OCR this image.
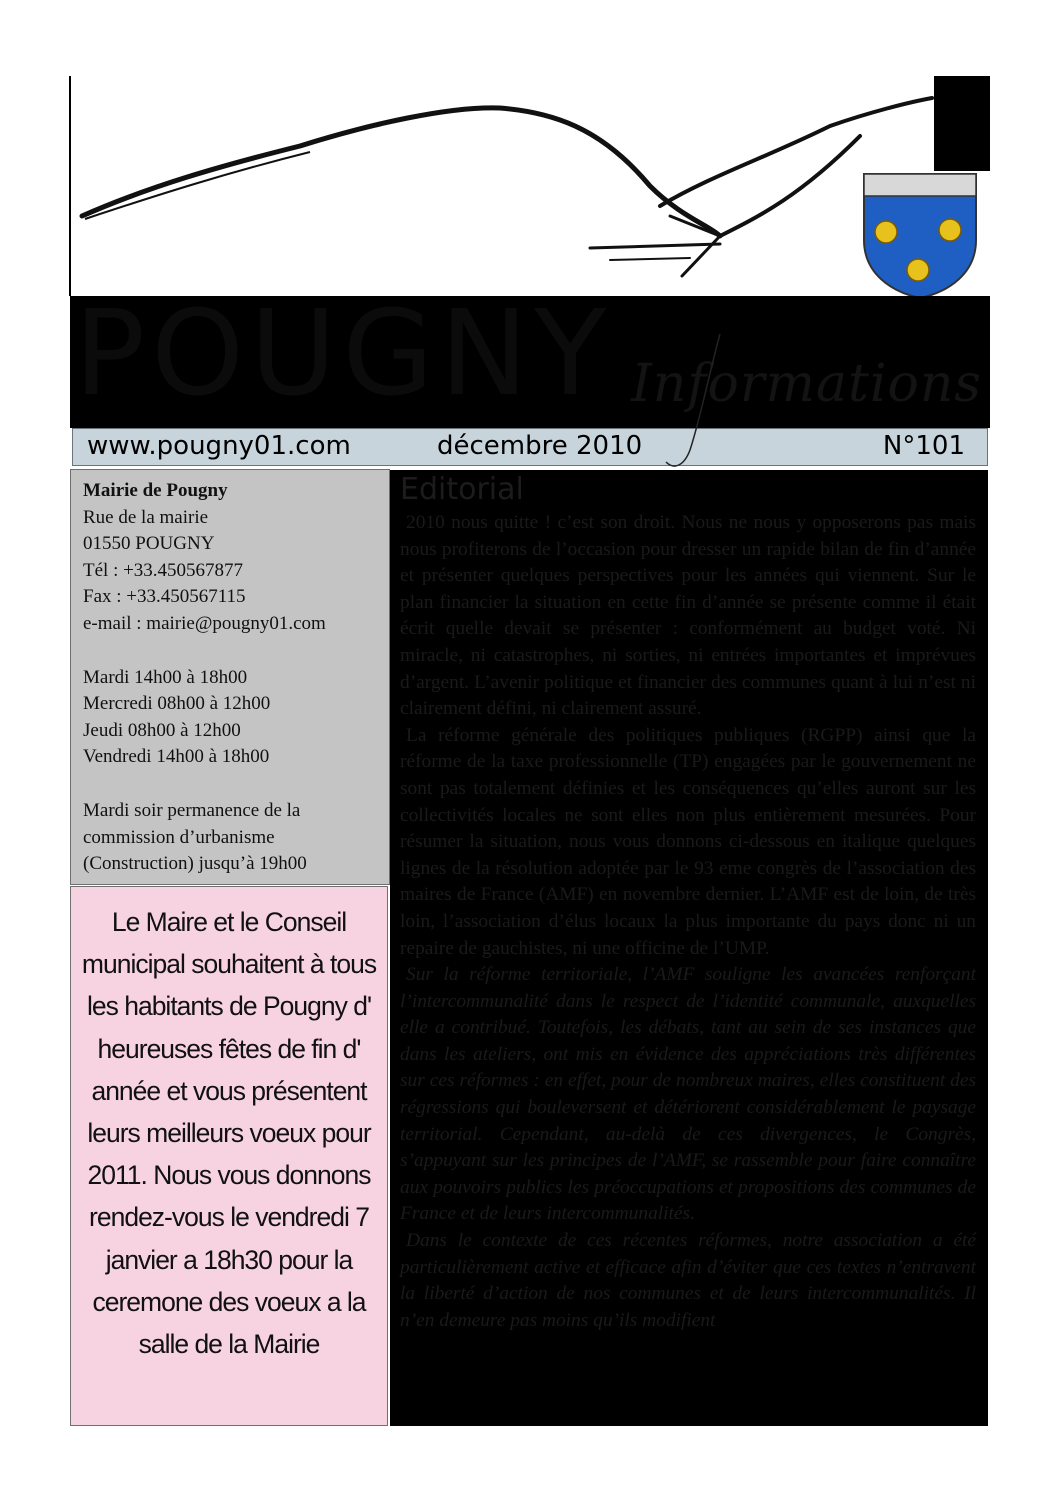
POUGNY Informations
www.pougny01.com	décembre 2010	N°101
Mairie de Pougny
Rue de la mairie
01550 POUGNY
Tél : +33.450567877
Fax : +33.450567115
e-mail : mairie@pougny01.com
Mardi 14h00 à 18h00
Mercredi 08h00 à 12h00
Jeudi 08h00 à 12h00
Vendredi 14h00 à 18h00
Mardi soir permanence de la
commission d’urbanisme
(Construction) jusqu’à 19h00
Le Maire et le Conseil municipal souhaitent à tous les habitants de Pougny d' heureuses fêtes de fin d' année et vous présentent leurs meilleurs voeux pour 2011. Nous vous donnons rendez-vous le vendredi 7 janvier a 18h30 pour la ceremone des voeux a la salle de la Mairie
Editorial

2010 nous quitte ! c’est son droit. Nous ne nous y opposerons pas mais nous profiterons de l’occasion pour dresser un rapide bilan de fin d’année et présenter quelques perspectives pour les années qui viennent. Sur le plan financier la situation en cette fin d’année se présente comme il était écrit quelle devait se présenter : conformément au budget voté. Ni miracle, ni catastrophes, ni sorties, ni entrées importantes et imprévues d’argent. L’avenir politique et financier des communes quant à lui n’est ni clairement défini, ni clairement assuré.

La réforme générale des politiques publiques (RGPP) ainsi que la réforme de la taxe professionnelle (TP) engagées par le gouvernement ne sont pas totalement définies et les conséquences qu’elles auront sur les collectivités locales ne sont elles non plus entièrement mesurées. Pour résumer la situation, nous vous donnons ci-dessous en italique quelques lignes de la résolution adoptée par le 93 eme congrès de l’association des maires de France (AMF) en novembre dernier. L’AMF est de loin, de très loin, l’association d’élus locaux la plus importante du pays donc ni un repaire de gauchistes, ni une officine de l’UMP.

Sur la réforme territoriale, l’AMF souligne les avancées renforçant l’intercommunalité dans le respect de l’identité communale, auxquelles elle a contribué. Toutefois, les débats, tant au sein de ses instances que dans les ateliers, ont mis en évidence des appréciations très différentes sur ces réformes : en effet, pour de nombreux maires, elles constituent des régressions qui bouleversent et détériorent considérablement le paysage territorial. Cependant, au-delà de ces divergences, le Congrès, s’appuyant sur les principes de l’AMF, se rassemble pour faire connaître aux pouvoirs publics les préoccupations et propositions des communes de France et de leurs intercommunalités.

Dans le contexte de ces récentes réformes, notre association a été particulièrement active et efficace afin d’éviter que ces textes n’entravent la liberté d’action de nos communes et de leurs intercommunalités. Il n’en demeure pas moins qu’ils modifient
